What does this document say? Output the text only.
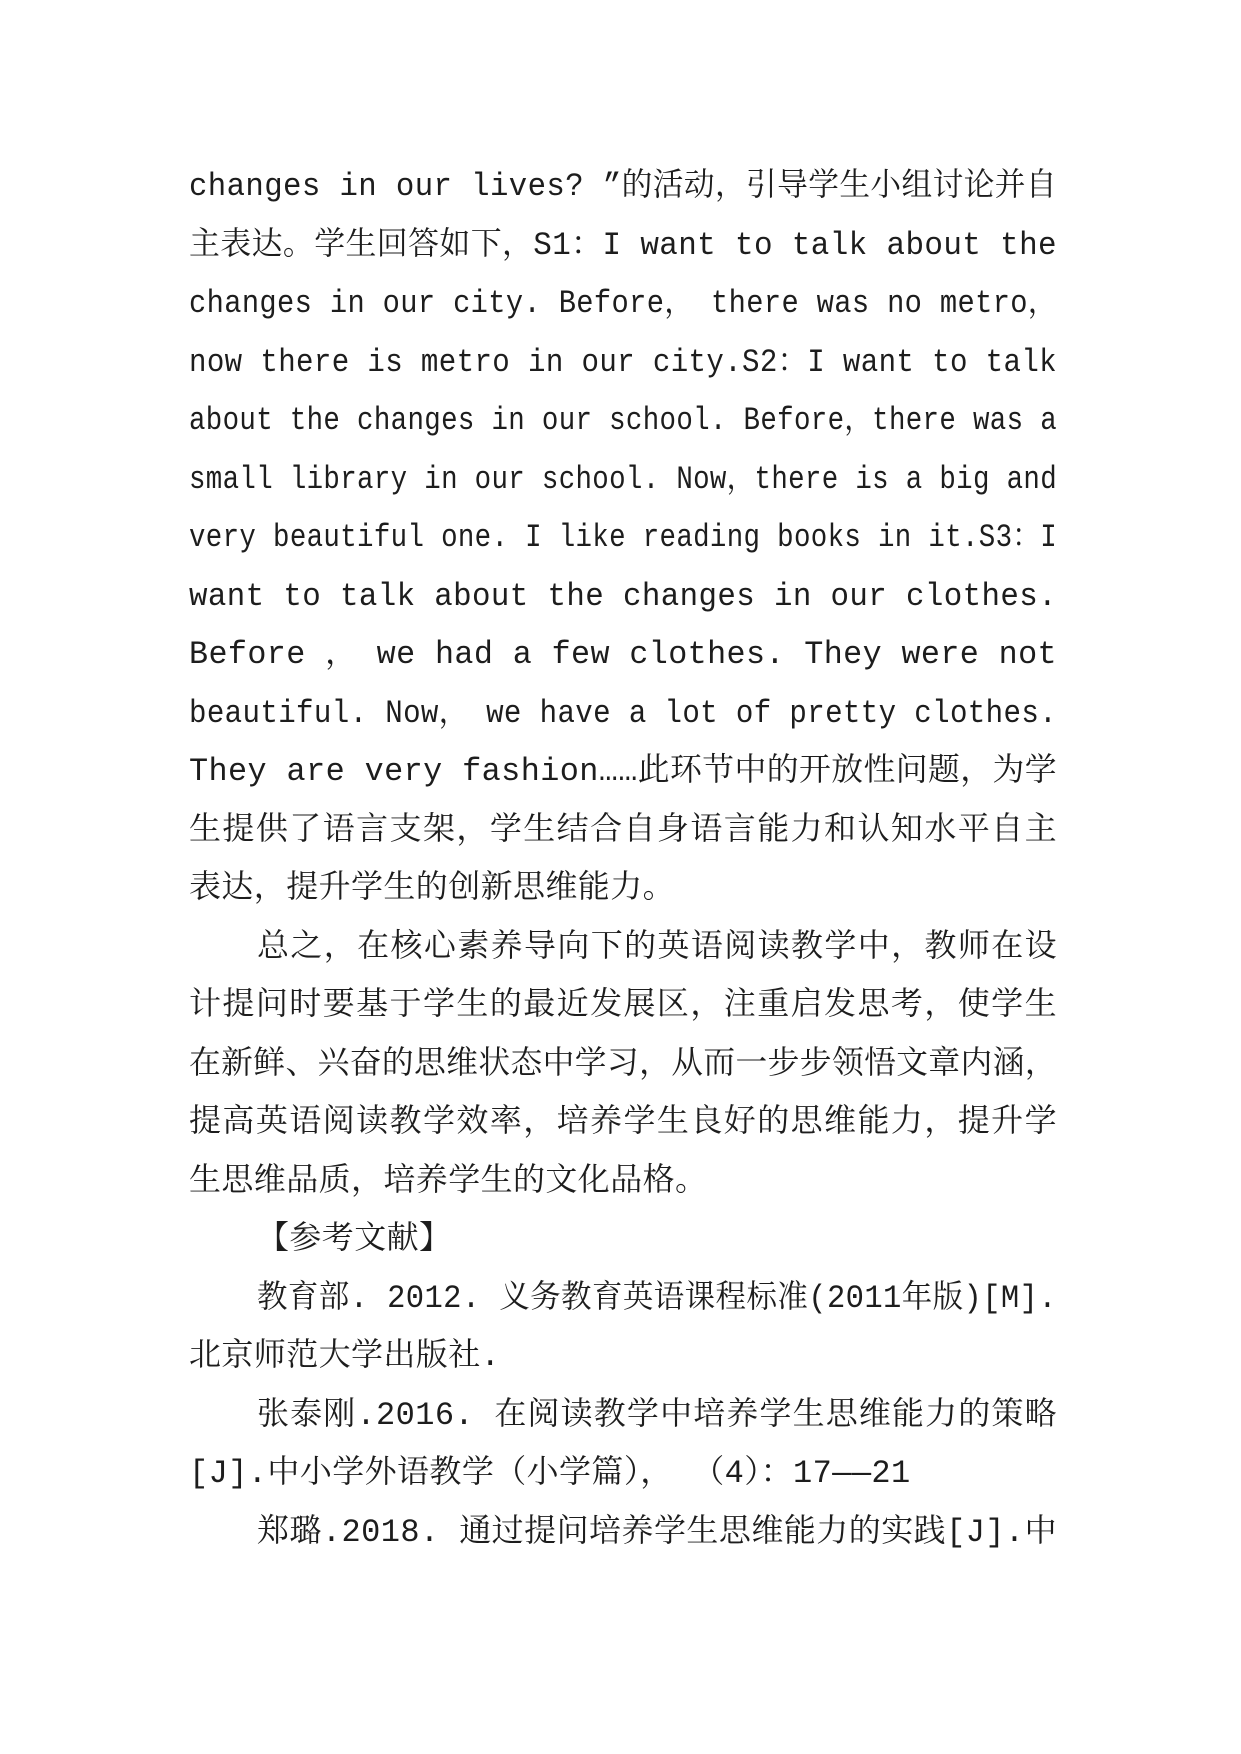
changes in our lives? ”的活动，引导学生小组讨论并自
主表达。学生回答如下，S1：I want to talk about the
changes in our city. Before， there was no metro，
now there is metro in our city.S2：I want to talk
about the changes in our school. Before，there was a
small library in our school. Now，there is a big and
very beautiful one. I like reading books in it.S3：I
want to talk about the changes in our clothes.
Before ， we had a few clothes. They were not
beautiful. Now， we have a lot of pretty clothes.
They are very fashion……此环节中的开放性问题，为学
生提供了语言支架，学生结合自身语言能力和认知水平自主
表达，提升学生的创新思维能力。
总之，在核心素养导向下的英语阅读教学中，教师在设
计提问时要基于学生的最近发展区，注重启发思考，使学生
在新鲜、兴奋的思维状态中学习，从而一步步领悟文章内涵，
提高英语阅读教学效率，培养学生良好的思维能力，提升学
生思维品质，培养学生的文化品格。
【参考文献】
教育部. 2012. 义务教育英语课程标准(2011年版)[M].
北京师范大学出版社.
张泰刚.2016. 在阅读教学中培养学生思维能力的策略
[J].中小学外语教学（小学篇）， （4）：17——21
郑璐.2018. 通过提问培养学生思维能力的实践[J].中
